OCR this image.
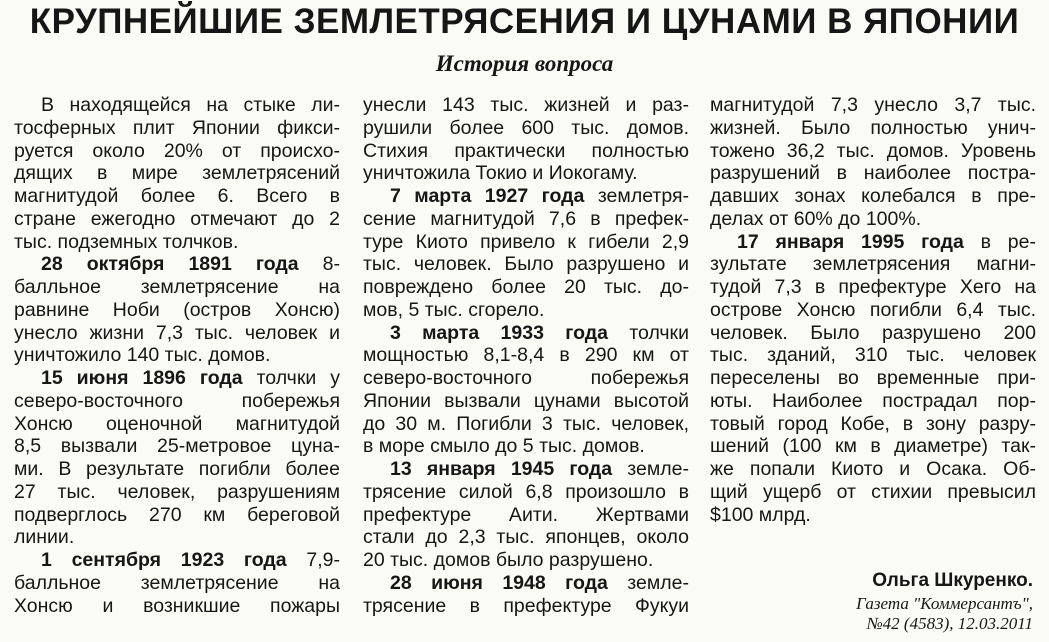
КРУПНЕЙШИЕ ЗЕМЛЕТРЯСЕНИЯ И ЦУНАМИ В ЯПОНИИ
История вопроса
В находящейся на стыке ли-
тосферных плит Японии фикси-
руется около 20% от происхо-
дящих в мире землетрясений
магнитудой более 6. Всего в
стране ежегодно отмечают до 2
тыс. подземных толчков.
28 октября 1891 года 8-
балльное землетрясение на
равнине Ноби (остров Хонсю)
унесло жизни 7,3 тыс. человек и
уничтожило 140 тыс. домов.
15 июня 1896 года толчки у
северо-восточного побережья
Хонсю оценочной магнитудой
8,5 вызвали 25-метровое цуна-
ми. В результате погибли более
27 тыс. человек, разрушениям
подверглось 270 км береговой
линии.
1 сентября 1923 года 7,9-
балльное землетрясение на
Хонсю и возникшие пожары
унесли 143 тыс. жизней и раз-
рушили более 600 тыс. домов.
Стихия практически полностью
уничтожила Токио и Иокогаму.
7 марта 1927 года землетря-
сение магнитудой 7,6 в префек-
туре Киото привело к гибели 2,9
тыс. человек. Было разрушено и
повреждено более 20 тыс. до-
мов, 5 тыс. сгорело.
3 марта 1933 года толчки
мощностью 8,1-8,4 в 290 км от
северо-восточного побережья
Японии вызвали цунами высотой
до 30 м. Погибли 3 тыс. человек,
в море смыло до 5 тыс. домов.
13 января 1945 года земле-
трясение силой 6,8 произошло в
префектуре Аити. Жертвами
стали до 2,3 тыс. японцев, около
20 тыс. домов было разрушено.
28 июня 1948 года земле-
трясение в префектуре Фукуи
магнитудой 7,3 унесло 3,7 тыс.
жизней. Было полностью унич-
тожено 36,2 тыс. домов. Уровень
разрушений в наиболее постра-
давших зонах колебался в пре-
делах от 60% до 100%.
17 января 1995 года в ре-
зультате землетрясения магни-
тудой 7,3 в префектуре Хего на
острове Хонсю погибли 6,4 тыс.
человек. Было разрушено 200
тыс. зданий, 310 тыс. человек
переселены во временные при-
юты. Наиболее пострадал пор-
товый город Кобе, в зону разру-
шений (100 км в диаметре) так-
же попали Киото и Осака. Об-
щий ущерб от стихии превысил
$100 млрд.
Ольга Шкуренко.
Газета "Коммерсантъ",
№42 (4583), 12.03.2011
